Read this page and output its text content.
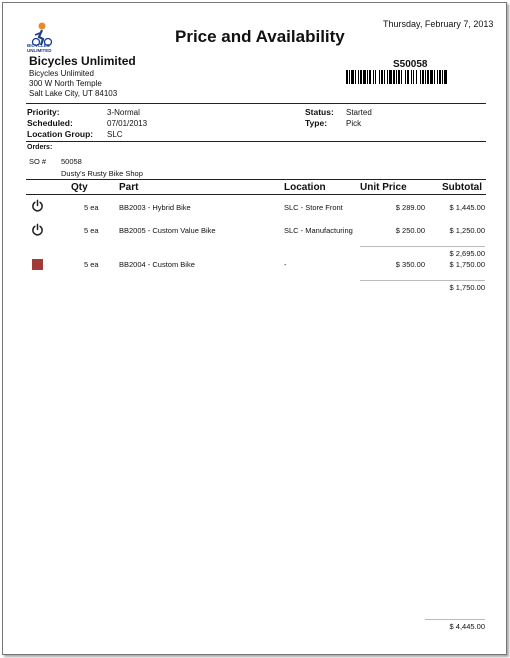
Thursday, February 7, 2013
Price and Availability
BICYCLES
UNLIMITED
Bicycles Unlimited
Bicycles Unlimited
300 W North Temple
Salt Lake City, UT 84103
S50058
Priority:	3-Normal
Scheduled:	07/01/2013
Location Group: SLC
Status: Started
Type: Pick
Orders:
SO # 50058
Dusty's Rusty Bike Shop
Qty	Part	Location	Unit Price	Subtotal
5 ea	BB2003 - Hybrid Bike	SLC - Store Front	$ 289.00	$ 1,445.00
5 ea	BB2005 - Custom Value Bike	SLC - Manufacturing	$ 250.00	$ 1,250.00
$ 2,695.00
5 ea	BB2004 - Custom Bike	-	$ 350.00	$ 1,750.00
$ 1,750.00
$ 4,445.00
